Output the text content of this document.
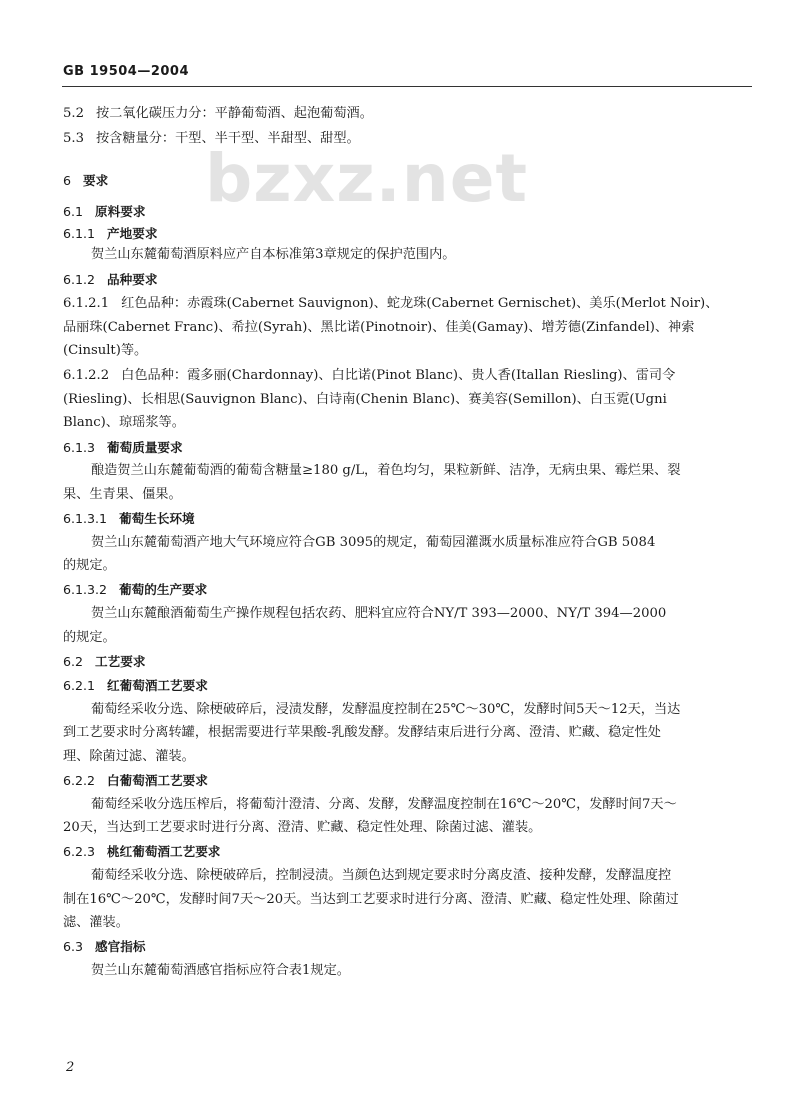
GB 19504—2004
bzxz.net
5.2 按二氧化碳压力分：平静葡萄酒、起泡葡萄酒。
5.3 按含糖量分：干型、半干型、半甜型、甜型。
6 要求
6.1 原料要求
6.1.1 产地要求
贺兰山东麓葡萄酒原料应产自本标准第3章规定的保护范围内。
6.1.2 品种要求
6.1.2.1 红色品种：赤霞珠(Cabernet Sauvignon)、蛇龙珠(Cabernet Gernischet)、美乐(Merlot Noir)、
品丽珠(Cabernet Franc)、希拉(Syrah)、黑比诺(Pinotnoir)、佳美(Gamay)、增芳德(Zinfandel)、神索
(Cinsult)等。
6.1.2.2 白色品种：霞多丽(Chardonnay)、白比诺(Pinot Blanc)、贵人香(Itallan Riesling)、雷司令
(Riesling)、长相思(Sauvignon Blanc)、白诗南(Chenin Blanc)、赛美容(Semillon)、白玉霓(Ugni
Blanc)、琼瑶浆等。
6.1.3 葡萄质量要求
酿造贺兰山东麓葡萄酒的葡萄含糖量≥180 g/L，着色均匀，果粒新鲜、洁净，无病虫果、霉烂果、裂
果、生青果、僵果。
6.1.3.1 葡萄生长环境
贺兰山东麓葡萄酒产地大气环境应符合GB 3095的规定，葡萄园灌溉水质量标准应符合GB 5084
的规定。
6.1.3.2 葡萄的生产要求
贺兰山东麓酿酒葡萄生产操作规程包括农药、肥料宜应符合NY/T 393—2000、NY/T 394—2000
的规定。
6.2 工艺要求
6.2.1 红葡萄酒工艺要求
葡萄经采收分选、除梗破碎后，浸渍发酵，发酵温度控制在25℃～30℃，发酵时间5天～12天，当达
到工艺要求时分离转罐，根据需要进行苹果酸-乳酸发酵。发酵结束后进行分离、澄清、贮藏、稳定性处
理、除菌过滤、灌装。
6.2.2 白葡萄酒工艺要求
葡萄经采收分选压榨后，将葡萄汁澄清、分离、发酵，发酵温度控制在16℃～20℃，发酵时间7天～
20天，当达到工艺要求时进行分离、澄清、贮藏、稳定性处理、除菌过滤、灌装。
6.2.3 桃红葡萄酒工艺要求
葡萄经采收分选、除梗破碎后，控制浸渍。当颜色达到规定要求时分离皮渣、接种发酵，发酵温度控
制在16℃～20℃，发酵时间7天～20天。当达到工艺要求时进行分离、澄清、贮藏、稳定性处理、除菌过
滤、灌装。
6.3 感官指标
贺兰山东麓葡萄酒感官指标应符合表1规定。
2
